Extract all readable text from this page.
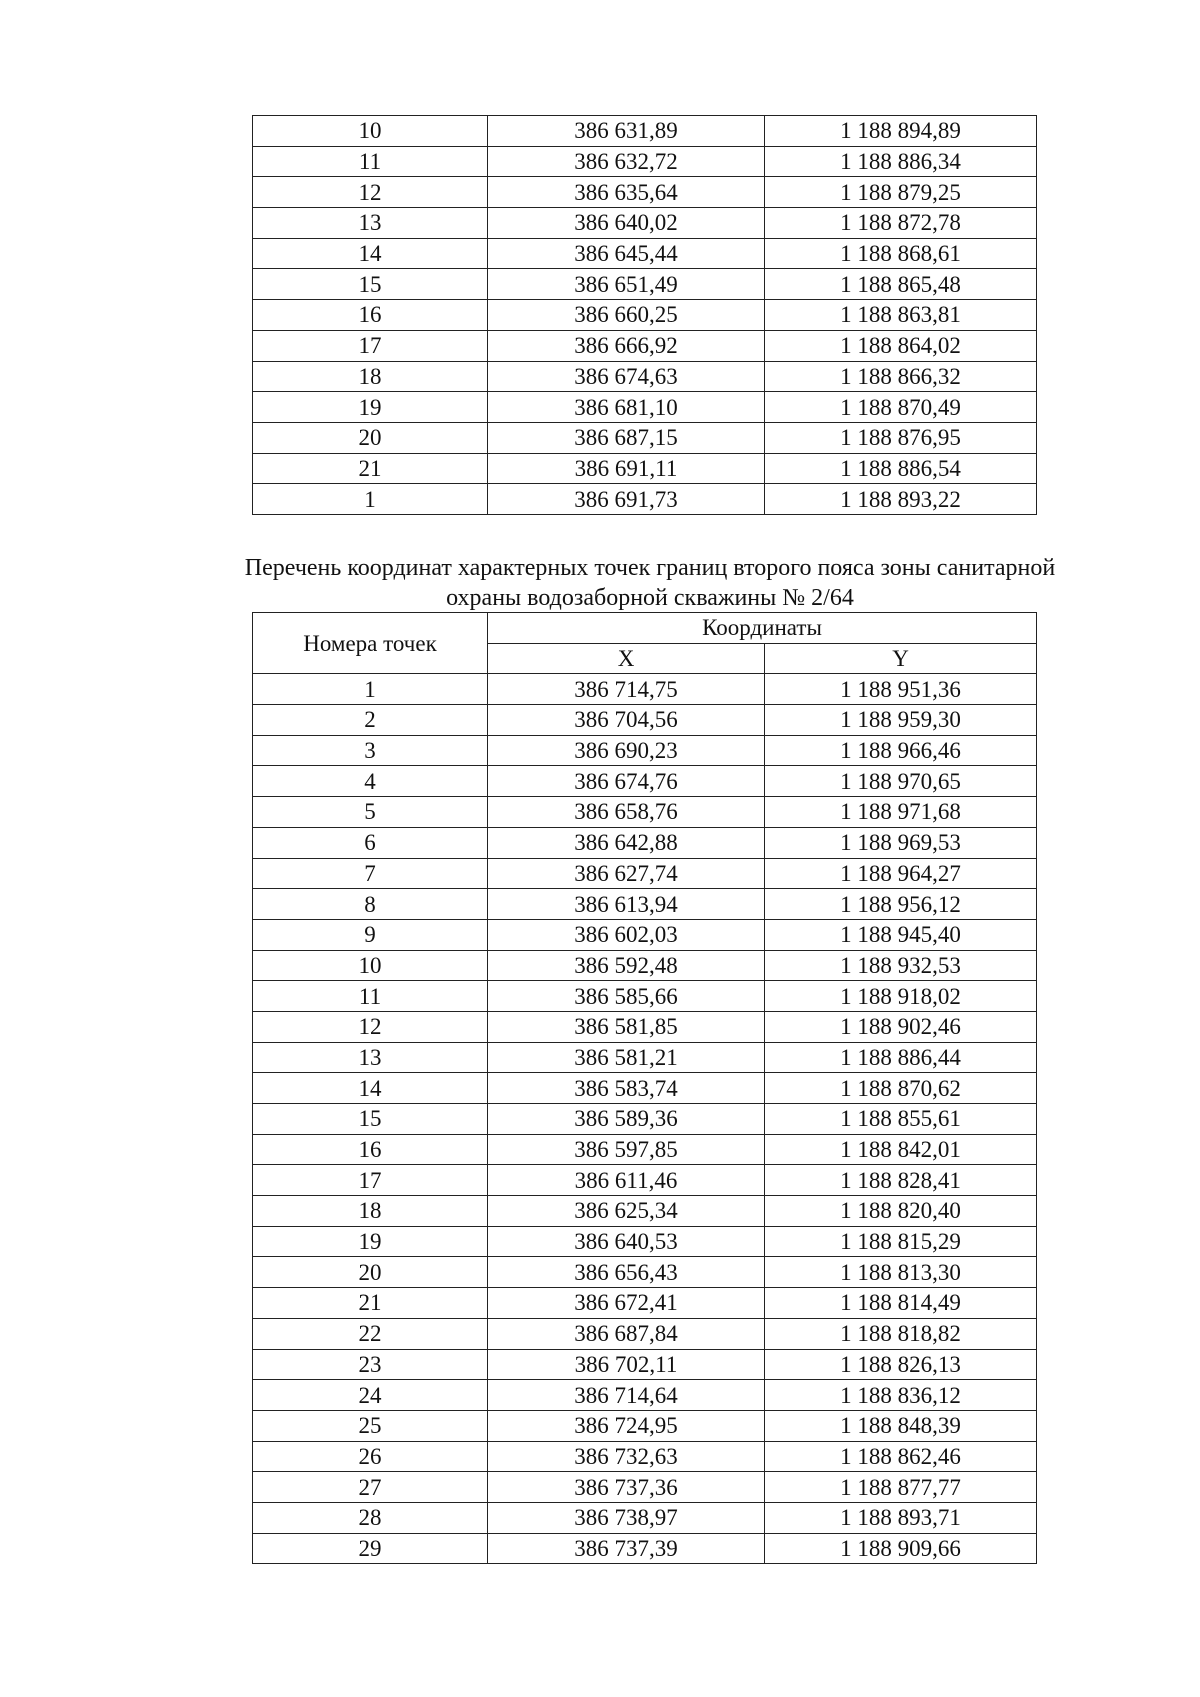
10	386 631,89	1 188 894,89
11	386 632,72	1 188 886,34
12	386 635,64	1 188 879,25
13	386 640,02	1 188 872,78
14	386 645,44	1 188 868,61
15	386 651,49	1 188 865,48
16	386 660,25	1 188 863,81
17	386 666,92	1 188 864,02
18	386 674,63	1 188 866,32
19	386 681,10	1 188 870,49
20	386 687,15	1 188 876,95
21	386 691,11	1 188 886,54
1	386 691,73	1 188 893,22
Перечень координат характерных точек границ второго пояса зоны санитарной
охраны водозаборной скважины № 2/64
Номера точек	Координаты	
	X	Y
1	386 714,75	1 188 951,36
2	386 704,56	1 188 959,30
3	386 690,23	1 188 966,46
4	386 674,76	1 188 970,65
5	386 658,76	1 188 971,68
6	386 642,88	1 188 969,53
7	386 627,74	1 188 964,27
8	386 613,94	1 188 956,12
9	386 602,03	1 188 945,40
10	386 592,48	1 188 932,53
11	386 585,66	1 188 918,02
12	386 581,85	1 188 902,46
13	386 581,21	1 188 886,44
14	386 583,74	1 188 870,62
15	386 589,36	1 188 855,61
16	386 597,85	1 188 842,01
17	386 611,46	1 188 828,41
18	386 625,34	1 188 820,40
19	386 640,53	1 188 815,29
20	386 656,43	1 188 813,30
21	386 672,41	1 188 814,49
22	386 687,84	1 188 818,82
23	386 702,11	1 188 826,13
24	386 714,64	1 188 836,12
25	386 724,95	1 188 848,39
26	386 732,63	1 188 862,46
27	386 737,36	1 188 877,77
28	386 738,97	1 188 893,71
29	386 737,39	1 188 909,66
